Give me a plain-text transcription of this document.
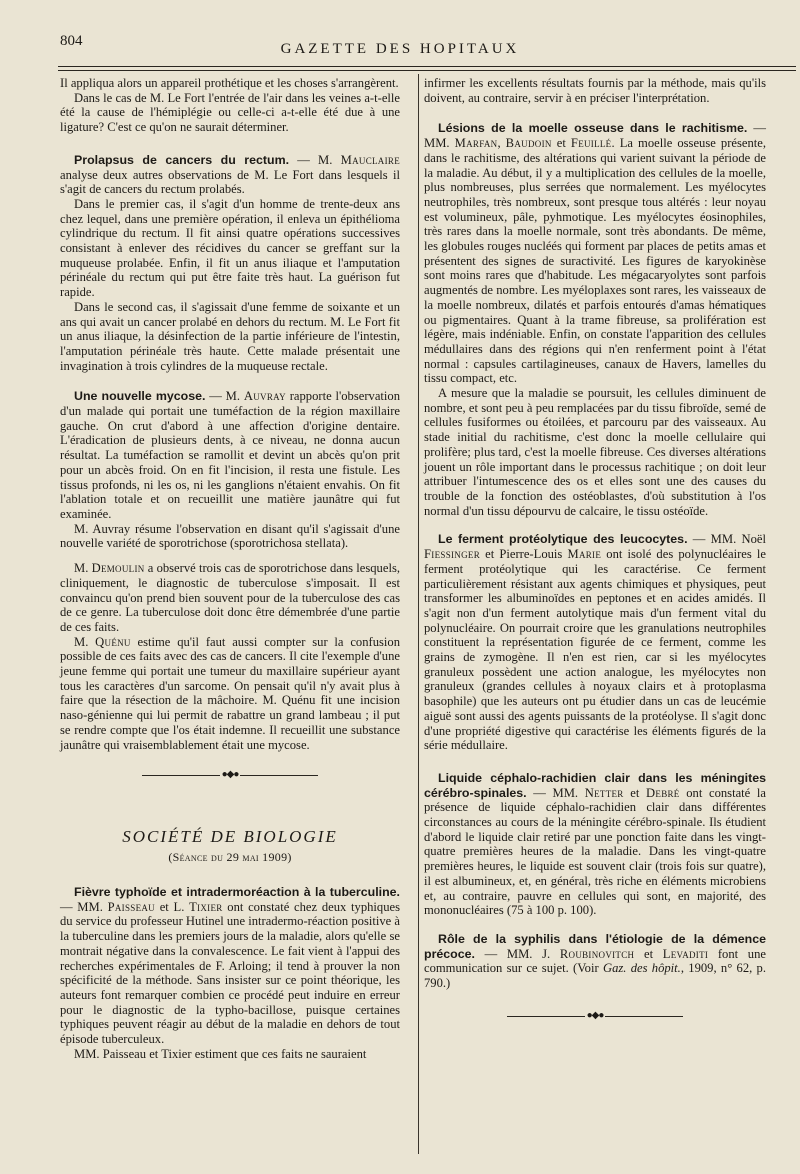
804	GAZETTE DES HOPITAUX

Il appliqua alors un appareil prothétique et les choses s'arrangèrent.

Dans le cas de M. Le Fort l'entrée de l'air dans les veines a-t-elle été la cause de l'hémiplégie ou celle-ci a-t-elle été due à une ligature? C'est ce qu'on ne saurait déterminer.

Prolapsus de cancers du rectum. — M. Mauclaire analyse deux autres observations de M. Le Fort dans lesquels il s'agit de cancers du rectum prolabés.

Dans le premier cas, il s'agit d'un homme de trente-deux ans chez lequel, dans une première opération, il enleva un épithélioma cylindrique du rectum. Il fit ainsi quatre opérations successives consistant à enlever des récidives du cancer se greffant sur la muqueuse prolabée. Enfin, il fit un anus iliaque et l'amputation périnéale du rectum qui put être faite très haut. La guérison fut rapide.

Dans le second cas, il s'agissait d'une femme de soixante et un ans qui avait un cancer prolabé en dehors du rectum. M. Le Fort fit un anus iliaque, la désinfection de la partie inférieure de l'intestin, l'amputation périnéale très haute. Cette malade présentait une invagination à trois cylindres de la muqueuse rectale.

Une nouvelle mycose. — M. Auvray rapporte l'observation d'un malade qui portait une tuméfaction de la région maxillaire gauche. On crut d'abord à une affection d'origine dentaire. L'éradication de plusieurs dents, à ce niveau, ne donna aucun résultat. La tuméfaction se ramollit et devint un abcès qu'on prit pour un abcès froid. On en fit l'incision, il resta une fistule. Les tissus profonds, ni les os, ni les ganglions n'étaient envahis. On fit l'ablation totale et on recueillit une matière jaunâtre qui fut examinée.

M. Auvray résume l'observation en disant qu'il s'agissait d'une nouvelle variété de sporotrichose (sporotrichosa stellata).

M. Demoulin a observé trois cas de sporotrichose dans lesquels, cliniquement, le diagnostic de tuberculose s'imposait. Il est convaincu qu'on prend bien souvent pour de la tuberculose des cas de ce genre. La tuberculose doit donc être démembrée d'une partie de ces faits.

M. Quénu estime qu'il faut aussi compter sur la confusion possible de ces faits avec des cas de cancers. Il cite l'exemple d'une jeune femme qui portait une tumeur du maxillaire supérieur ayant tous les caractères d'un sarcome. On pensait qu'il n'y avait plus à faire que la résection de la mâchoire. M. Quénu fit une incision naso-génienne qui lui permit de rabattre un grand lambeau ; il put se rendre compte que l'os était indemne. Il recueillit une substance jaunâtre qui vraisemblablement était une mycose.

●◆●
SOCIÉTÉ DE BIOLOGIE
(Séance du 29 mai 1909)

Fièvre typhoïde et intradermoréaction à la tuberculine. — MM. Paisseau et L. Tixier ont constaté chez deux typhiques du service du professeur Hutinel une intradermo-réaction positive à la tuberculine dans les premiers jours de la maladie, alors qu'elle se montrait négative dans la convalescence. Le fait vient à l'appui des recherches expérimentales de F. Arloing; il tend à prouver la non spécificité de la méthode. Sans insister sur ce point théorique, les auteurs font remarquer combien ce procédé peut induire en erreur pour le diagnostic de la typho-bacillose, puisque certaines typhiques peuvent réagir au début de la maladie en dehors de tout épisode tuberculeux.

MM. Paisseau et Tixier estiment que ces faits ne sauraient

infirmer les excellents résultats fournis par la méthode, mais qu'ils doivent, au contraire, servir à en préciser l'interprétation.

Lésions de la moelle osseuse dans le rachitisme. — MM. Marfan, Baudoin et Feuillé. La moelle osseuse présente, dans le rachitisme, des altérations qui varient suivant la période de la maladie. Au début, il y a multiplication des cellules de la moelle, plus nombreuses, plus serrées que normalement. Les myélocytes neutrophiles, très nombreux, sont presque tous altérés : leur noyau est volumineux, pâle, pyhmotique. Les myélocytes éosinophiles, très rares dans la moelle normale, sont très abondants. De même, les globules rouges nucléés qui forment par places de petits amas et présentent des signes de suractivité. Les figures de karyokinèse sont moins rares que d'habitude. Les mégacaryolytes sont parfois augmentés de nombre. Les myéloplaxes sont rares, les vaisseaux de la moelle nombreux, dilatés et parfois entourés d'amas hématiques ou pigmentaires. Quant à la trame fibreuse, sa prolifération est légère, mais indéniable. Enfin, on constate l'apparition des cellules médullaires dans des régions qui n'en renferment point à l'état normal : capsules cartilagineuses, canaux de Havers, lamelles du tissu compact, etc.

A mesure que la maladie se poursuit, les cellules diminuent de nombre, et sont peu à peu remplacées par du tissu fibroïde, semé de cellules fusiformes ou étoilées, et parcouru par des vaisseaux. Au stade initial du rachitisme, c'est donc la moelle cellulaire qui prolifère; plus tard, c'est la moelle fibreuse. Ces diverses altérations jouent un rôle important dans le processus rachitique ; on doit leur attribuer l'intumescence des os et elles sont une des causes du trouble de la fonction des ostéoblastes, d'où substitution à l'os normal d'un tissu dépourvu de calcaire, le tissu ostéoïde.

Le ferment protéolytique des leucocytes. — MM. Noël Fiessinger et Pierre-Louis Marie ont isolé des polynucléaires le ferment protéolytique qui les caractérise. Ce ferment particulièrement résistant aux agents chimiques et physiques, peut transformer les albuminoïdes en peptones et en acides amidés. Il s'agit non d'un ferment autolytique mais d'un ferment vital du polynucléaire. On pourrait croire que les granulations neutrophiles constituent la représentation figurée de ce ferment, comme les grains de zymogène. Il n'en est rien, car si les myélocytes granuleux possèdent une action analogue, les myélocytes non granuleux (grandes cellules à noyaux clairs et à protoplasma basophile) que les auteurs ont pu étudier dans un cas de leucémie aiguë sont aussi des agents puissants de la protéolyse. Il s'agit donc d'une propriété digestive qui caractérise les éléments figurés de la série médullaire.

Liquide céphalo-rachidien clair dans les méningites cérébro-spinales. — MM. Netter et Debré ont constaté la présence de liquide céphalo-rachidien clair dans différentes circonstances au cours de la méningite cérébro-spinale. Ils étudient d'abord le liquide clair retiré par une ponction faite dans les vingt-quatre premières heures de la maladie. Dans les vingt-quatre premières heures, le liquide est souvent clair (trois fois sur quatre), il est albumineux, et, en général, très riche en éléments microbiens et, au contraire, pauvre en cellules qui sont, en majorité, des mononucléaires (75 à 100 p. 100).

Rôle de la syphilis dans l'étiologie de la démence précoce. — MM. J. Roubinovitch et Levaditi font une communication sur ce sujet. (Voir Gaz. des hôpit., 1909, n° 62, p. 790.)

●◆●
